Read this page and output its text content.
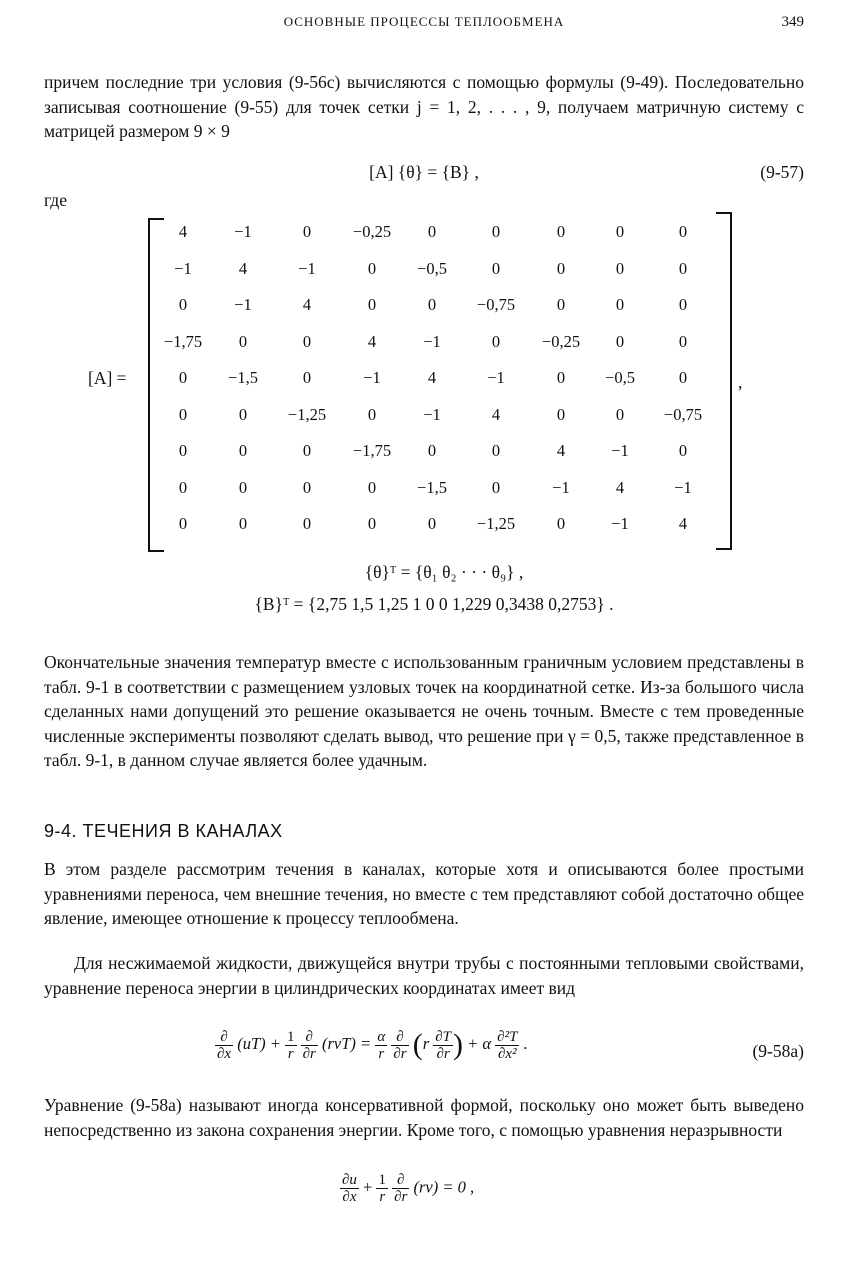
ОСНОВНЫЕ ПРОЦЕССЫ ТЕПЛООБМЕНА	349

причем последние три условия (9-56c) вычисляются с помощью формулы (9-49). Последовательно записывая соотношение (9-55) для точек сетки j = 1, 2, . . . , 9, получаем матричную систему с матрицей размером 9 × 9

[A] {θ} = {B} ,	(9-57)
где
[A] =
4	−1	0	−0,25	0	0	0	0	0
−1	4	−1	0	−0,5	0	0	0	0
0	−1	4	0	0	−0,75	0	0	0
−1,75	0	0	4	−1	0	−0,25	0	0
0	−1,5	0	−1	4	−1	0	−0,5	0
0	0	−1,25	0	−1	4	0	0	−0,75
0	0	0	−1,75	0	0	4	−1	0
0	0	0	0	−1,5	0	−1	4	−1
0	0	0	0	0	−1,25	0	−1	4
,
{θ}ᵀ = {θ₁ θ₂ · · · θ₉} ,
{B}ᵀ = {2,75 1,5 1,25 1 0 0 1,229 0,3438 0,2753} .

Окончательные значения температур вместе с использованным граничным условием представлены в табл. 9-1 в соответствии с размещением узловых точек на координатной сетке. Из-за большого числа сделанных нами допущений это решение оказывается не очень точным. Вместе с тем проведенные численные эксперименты позволяют сделать вывод, что решение при γ = 0,5, также представленное в табл. 9-1, в данном случае является более удачным.

9-4. ТЕЧЕНИЯ В КАНАЛАХ

В этом разделе рассмотрим течения в каналах, которые хотя и описываются более простыми уравнениями переноса, чем внешние течения, но вместе с тем представляют собой достаточно общее явление, имеющее отношение к процессу теплообмена.

Для несжимаемой жидкости, движущейся внутри трубы с постоянными тепловыми свойствами, уравнение переноса энергии в цилиндрических координатах имеет вид

$\frac{\partial}{\partial x} (uT) + \frac{1}{r}$
$\frac{\partial}{\partial r} (rvT) = \frac{\alpha}{r}$
$\frac{\partial}{\partial r} (r \frac{\partial T}{\partial r}$ ) + α $\frac{\text{∂²T}}{\text{∂x²}}$ .	(9-58a)

Уравнение (9-58a) называют иногда консервативной формой, поскольку оно может быть выведено непосредственно из закона сохранения энергии. Кроме того, с помощью уравнения неразрывности

$\frac{\partial u}{\partial x} + \frac{1}{r}$
$\frac{\partial}{\partial r} (rv) = 0$ ,
